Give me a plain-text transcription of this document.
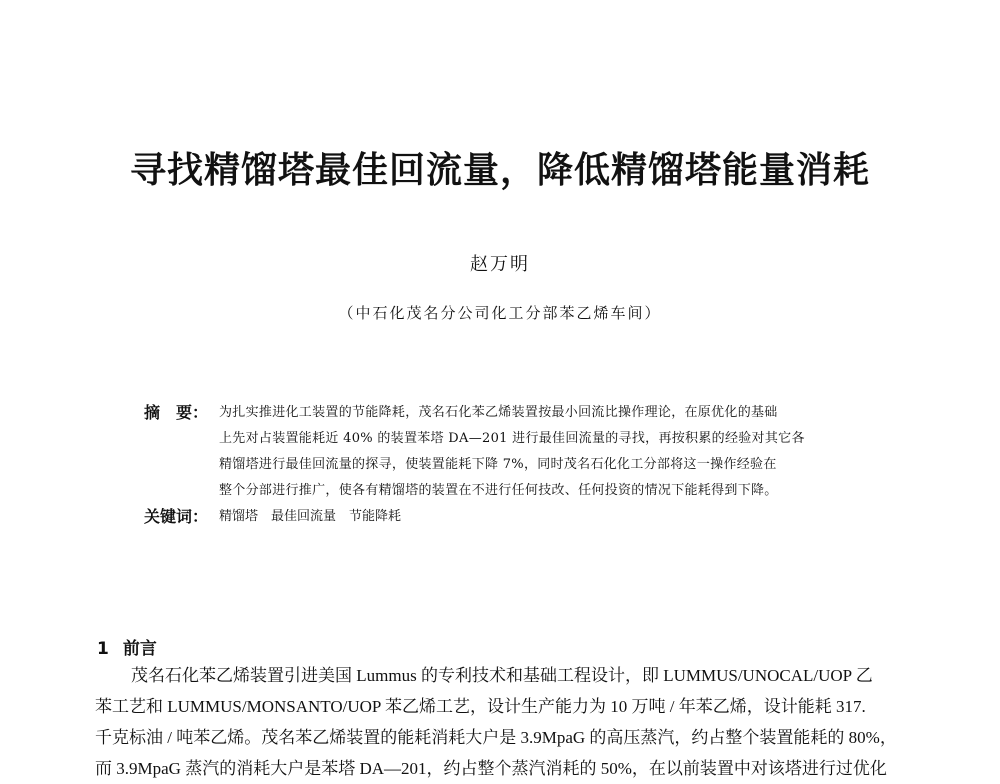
寻找精馏塔最佳回流量，降低精馏塔能量消耗
赵万明
（中石化茂名分公司化工分部苯乙烯车间）
摘　要： 为扎实推进化工装置的节能降耗，茂名石化苯乙烯装置按最小回流比操作理论，在原优化的基础
上先对占装置能耗近 40% 的装置苯塔 DA—201 进行最佳回流量的寻找，再按积累的经验对其它各
精馏塔进行最佳回流量的探寻，使装置能耗下降 7%，同时茂名石化化工分部将这一操作经验在
整个分部进行推广，使各有精馏塔的装置在不进行任何技改、任何投资的情况下能耗得到下降。
关键词： 精馏塔　最佳回流量　节能降耗
1 前言
茂名石化苯乙烯装置引进美国 Lummus 的专利技术和基础工程设计，即 LUMMUS/UNOCAL/UOP 乙
苯工艺和 LUMMUS/MONSANTO/UOP 苯乙烯工艺，设计生产能力为 10 万吨 / 年苯乙烯，设计能耗 317.
千克标油 / 吨苯乙烯。茂名苯乙烯装置的能耗消耗大户是 3.9MpaG 的高压蒸汽，约占整个装置能耗的 80%，
而 3.9MpaG 蒸汽的消耗大户是苯塔 DA—201，约占整个蒸汽消耗的 50%，在以前装置中对该塔进行过优化
